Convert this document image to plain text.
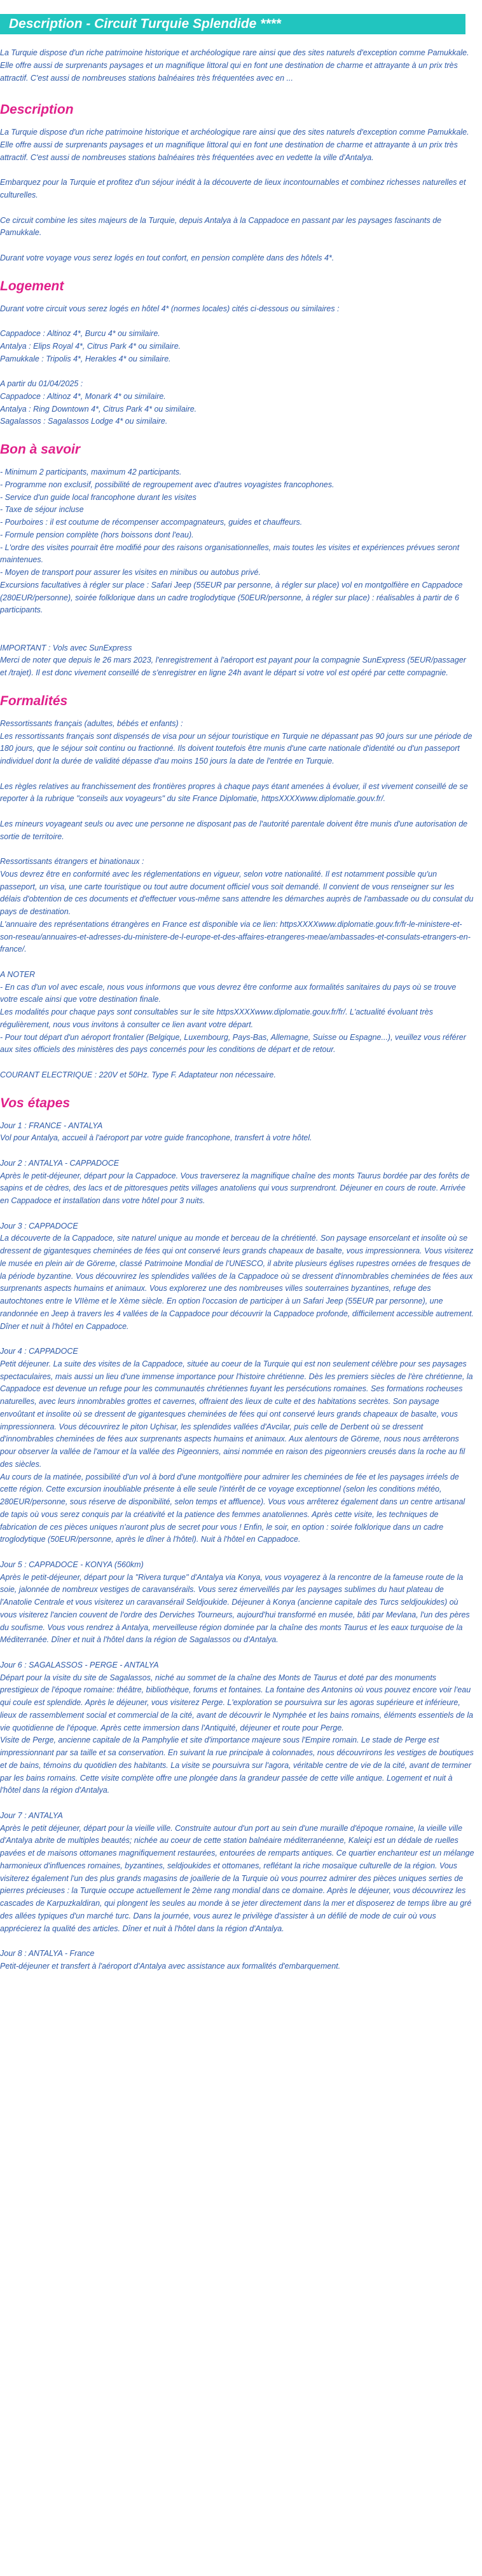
Description - Circuit Turquie Splendide ****
La Turquie dispose d'un riche patrimoine historique et archéologique rare ainsi que des sites naturels d'exception comme Pamukkale. Elle offre aussi de surprenants paysages et un magnifique littoral qui en font une destination de charme et attrayante à un prix très attractif. C'est aussi de nombreuses stations balnéaires très fréquentées avec en ...
Description
La Turquie dispose d'un riche patrimoine historique et archéologique rare ainsi que des sites naturels d'exception comme Pamukkale. Elle offre aussi de surprenants paysages et un magnifique littoral qui en font une destination de charme et attrayante à un prix très attractif. C'est aussi de nombreuses stations balnéaires très fréquentées avec en vedette la ville d'Antalya.
Embarquez pour la Turquie et profitez d'un séjour inédit à la découverte de lieux incontournables et combinez richesses naturelles et culturelles.
Ce circuit combine les sites majeurs de la Turquie, depuis Antalya à la Cappadoce en passant par les paysages fascinants de Pamukkale.
Durant votre voyage vous serez logés en tout confort, en pension complète dans des hôtels 4*.
Logement
Durant votre circuit vous serez logés en hôtel 4* (normes locales) cités ci-dessous ou similaires :
Cappadoce : Altinoz 4*, Burcu 4* ou similaire.
Antalya : Elips Royal 4*, Citrus Park 4* ou similaire.
Pamukkale : Tripolis 4*, Herakles 4* ou similaire.
A partir du 01/04/2025 :
Cappadoce : Altinoz 4*, Monark 4* ou similaire.
Antalya : Ring Downtown 4*, Citrus Park 4* ou similaire.
Sagalassos : Sagalassos Lodge 4* ou similaire.
Bon à savoir
- Minimum 2 participants, maximum 42 participants.
- Programme non exclusif, possibilité de regroupement avec d'autres voyagistes francophones.
- Service d'un guide local francophone durant les visites
- Taxe de séjour incluse
- Pourboires : il est coutume de récompenser accompagnateurs, guides et chauffeurs.
- Formule pension complète (hors boissons dont l'eau).
- L'ordre des visites pourrait être modifié pour des raisons organisationnelles, mais toutes les visites et expériences prévues seront maintenues.
- Moyen de transport pour assurer les visites en minibus ou autobus privé.
Excursions facultatives à régler sur place : Safari Jeep (55EUR par personne, à régler sur place) vol en montgolfière en Cappadoce (280EUR/personne), soirée folklorique dans un cadre troglodytique (50EUR/personne, à régler sur place) : réalisables à partir de 6 participants.
IMPORTANT : Vols avec SunExpress
Merci de noter que depuis le 26 mars 2023, l'enregistrement à l'aéroport est payant pour la compagnie SunExpress (5EUR/passager et /trajet). Il est donc vivement conseillé de s'enregistrer en ligne 24h avant le départ si votre vol est opéré par cette compagnie.
Formalités
Ressortissants français (adultes, bébés et enfants) :
Les ressortissants français sont dispensés de visa pour un séjour touristique en Turquie ne dépassant pas 90 jours sur une période de 180 jours, que le séjour soit continu ou fractionné. Ils doivent toutefois être munis d'une carte nationale d'identité ou d'un passeport individuel dont la durée de validité dépasse d'au moins 150 jours la date de l'entrée en Turquie.
Les règles relatives au franchissement des frontières propres à chaque pays étant amenées à évoluer, il est vivement conseillé de se reporter à la rubrique "conseils aux voyageurs" du site France Diplomatie, httpsXXXXwww.diplomatie.gouv.fr/.
Les mineurs voyageant seuls ou avec une personne ne disposant pas de l'autorité parentale doivent être munis d'une autorisation de sortie de territoire.
Ressortissants étrangers et binationaux :
Vous devrez être en conformité avec les réglementations en vigueur, selon votre nationalité. Il est notamment possible qu'un passeport, un visa, une carte touristique ou tout autre document officiel vous soit demandé. Il convient de vous renseigner sur les délais d'obtention de ces documents et d'effectuer vous-même sans attendre les démarches auprès de l'ambassade ou du consulat du pays de destination.
L'annuaire des représentations étrangères en France est disponible via ce lien: httpsXXXXwww.diplomatie.gouv.fr/fr-le-ministere-et-son-reseau/annuaires-et-adresses-du-ministere-de-l-europe-et-des-affaires-etrangeres-meae/ambassades-et-consulats-etrangers-en-france/.
A NOTER
- En cas d'un vol avec escale, nous vous informons que vous devrez être conforme aux formalités sanitaires du pays où se trouve votre escale ainsi que votre destination finale.
Les modalités pour chaque pays sont consultables sur le site httpsXXXXwww.diplomatie.gouv.fr/fr/. L'actualité évoluant très régulièrement, nous vous invitons à consulter ce lien avant votre départ.
- Pour tout départ d'un aéroport frontalier (Belgique, Luxembourg, Pays-Bas, Allemagne, Suisse ou Espagne...), veuillez vous référer aux sites officiels des ministères des pays concernés pour les conditions de départ et de retour.
COURANT ELECTRIQUE : 220V et 50Hz. Type F. Adaptateur non nécessaire.
Vos étapes
Jour 1 : FRANCE - ANTALYA
Vol pour Antalya, accueil à l'aéroport par votre guide francophone, transfert à votre hôtel.
Jour 2 : ANTALYA - CAPPADOCE
Après le petit-déjeuner, départ pour la Cappadoce. Vous traverserez la magnifique chaîne des monts Taurus bordée par des forêts de sapins et de cèdres, des lacs et de pittoresques petits villages anatoliens qui vous surprendront. Déjeuner en cours de route. Arrivée en Cappadoce et installation dans votre hôtel pour 3 nuits.
Jour 3 : CAPPADOCE
La découverte de la Cappadoce, site naturel unique au monde et berceau de la chrétienté. Son paysage ensorcelant et insolite où se dressent de gigantesques cheminées de fées qui ont conservé leurs grands chapeaux de basalte, vous impressionnera. Vous visiterez le musée en plein air de Göreme, classé Patrimoine Mondial de l'UNESCO, il abrite plusieurs églises rupestres ornées de fresques de la période byzantine. Vous découvrirez les splendides vallées de la Cappadoce où se dressent d'innombrables cheminées de fées aux surprenants aspects humains et animaux. Vous explorerez une des nombreuses villes souterraines byzantines, refuge des autochtones entre le VIIème et le Xème siècle. En option l'occasion de participer à un Safari Jeep (55EUR par personne), une randonnée en Jeep à travers les 4 vallées de la Cappadoce pour découvrir la Cappadoce profonde, difficilement accessible autrement. Dîner et nuit à l'hôtel en Cappadoce.
Jour 4 : CAPPADOCE
Petit déjeuner. La suite des visites de la Cappadoce, située au coeur de la Turquie qui est non seulement célèbre pour ses paysages spectaculaires, mais aussi un lieu d'une immense importance pour l'histoire chrétienne. Dès les premiers siècles de l'ère chrétienne, la Cappadoce est devenue un refuge pour les communautés chrétiennes fuyant les persécutions romaines. Ses formations rocheuses naturelles, avec leurs innombrables grottes et cavernes, offraient des lieux de culte et des habitations secrètes. Son paysage envoûtant et insolite où se dressent de gigantesques cheminées de fées qui ont conservé leurs grands chapeaux de basalte, vous impressionnera. Vous découvrirez le piton Uçhisar, les splendides vallées d'Avcilar, puis celle de Derbent où se dressent d'innombrables cheminées de fées aux surprenants aspects humains et animaux. Aux alentours de Göreme, nous nous arrêterons pour observer la vallée de l'amour et la vallée des Pigeonniers, ainsi nommée en raison des pigeonniers creusés dans la roche au fil des siècles.
Au cours de la matinée, possibilité d'un vol à bord d'une montgolfière pour admirer les cheminées de fée et les paysages irréels de cette région. Cette excursion inoubliable présente à elle seule l'intérêt de ce voyage exceptionnel (selon les conditions météo, 280EUR/personne, sous réserve de disponibilité, selon temps et affluence). Vous vous arrêterez également dans un centre artisanal de tapis où vous serez conquis par la créativité et la patience des femmes anatoliennes. Après cette visite, les techniques de fabrication de ces pièces uniques n'auront plus de secret pour vous ! Enfin, le soir, en option : soirée folklorique dans un cadre troglodytique (50EUR/personne, après le dîner à l'hôtel). Nuit à l'hôtel en Cappadoce.
Jour 5 : CAPPADOCE - KONYA (560km)
Après le petit-déjeuner, départ pour la "Rivera turque" d'Antalya via Konya, vous voyagerez à la rencontre de la fameuse route de la soie, jalonnée de nombreux vestiges de caravansérails. Vous serez émerveillés par les paysages sublimes du haut plateau de l'Anatolie Centrale et vous visiterez un caravansérail Seldjoukide. Déjeuner à Konya (ancienne capitale des Turcs seldjoukides) où vous visiterez l'ancien couvent de l'ordre des Derviches Tourneurs, aujourd'hui transformé en musée, bâti par Mevlana, l'un des pères du soufisme. Vous vous rendrez à Antalya, merveilleuse région dominée par la chaîne des monts Taurus et les eaux turquoise de la Méditerranée. Dîner et nuit à l'hôtel dans la région de Sagalassos ou d'Antalya.
Jour 6 : SAGALASSOS - PERGE - ANTALYA
Départ pour la visite du site de Sagalassos, niché au sommet de la chaîne des Monts de Taurus et doté par des monuments prestigieux de l'époque romaine: théâtre, bibliothèque, forums et fontaines. La fontaine des Antonins où vous pouvez encore voir l'eau qui coule est splendide. Après le déjeuner, vous visiterez Perge. L'exploration se poursuivra sur les agoras supérieure et inférieure, lieux de rassemblement social et commercial de la cité, avant de découvrir le Nymphée et les bains romains, éléments essentiels de la vie quotidienne de l'époque. Après cette immersion dans l'Antiquité, déjeuner et route pour Perge.
Visite de Perge, ancienne capitale de la Pamphylie et site d'importance majeure sous l'Empire romain. Le stade de Perge est impressionnant par sa taille et sa conservation. En suivant la rue principale à colonnades, nous découvrirons les vestiges de boutiques et de bains, témoins du quotidien des habitants. La visite se poursuivra sur l'agora, véritable centre de vie de la cité, avant de terminer par les bains romains. Cette visite complète offre une plongée dans la grandeur passée de cette ville antique. Logement et nuit à l'hôtel dans la région d'Antalya.
Jour 7 : ANTALYA
Après le petit déjeuner, départ pour la vieille ville. Construite autour d'un port au sein d'une muraille d'époque romaine, la vieille ville d'Antalya abrite de multiples beautés; nichée au coeur de cette station balnéaire méditerranéenne, Kaleiçi est un dédale de ruelles pavées et de maisons ottomanes magnifiquement restaurées, entourées de remparts antiques. Ce quartier enchanteur est un mélange harmonieux d'influences romaines, byzantines, seldjoukides et ottomanes, reflétant la riche mosaïque culturelle de la région. Vous visiterez également l'un des plus grands magasins de joaillerie de la Turquie où vous pourrez admirer des pièces uniques serties de pierres précieuses : la Turquie occupe actuellement le 2ème rang mondial dans ce domaine. Après le déjeuner, vous découvrirez les cascades de Karpuzkaldiran, qui plongent les seules au monde à se jeter directement dans la mer et disposerez de temps libre au gré des allées typiques d'un marché turc. Dans la journée, vous aurez le privilège d'assister à un défilé de mode de cuir où vous apprécierez la qualité des articles. Dîner et nuit à l'hôtel dans la région d'Antalya.
Jour 8 : ANTALYA - France
Petit-déjeuner et transfert à l'aéroport d'Antalya avec assistance aux formalités d'embarquement.
